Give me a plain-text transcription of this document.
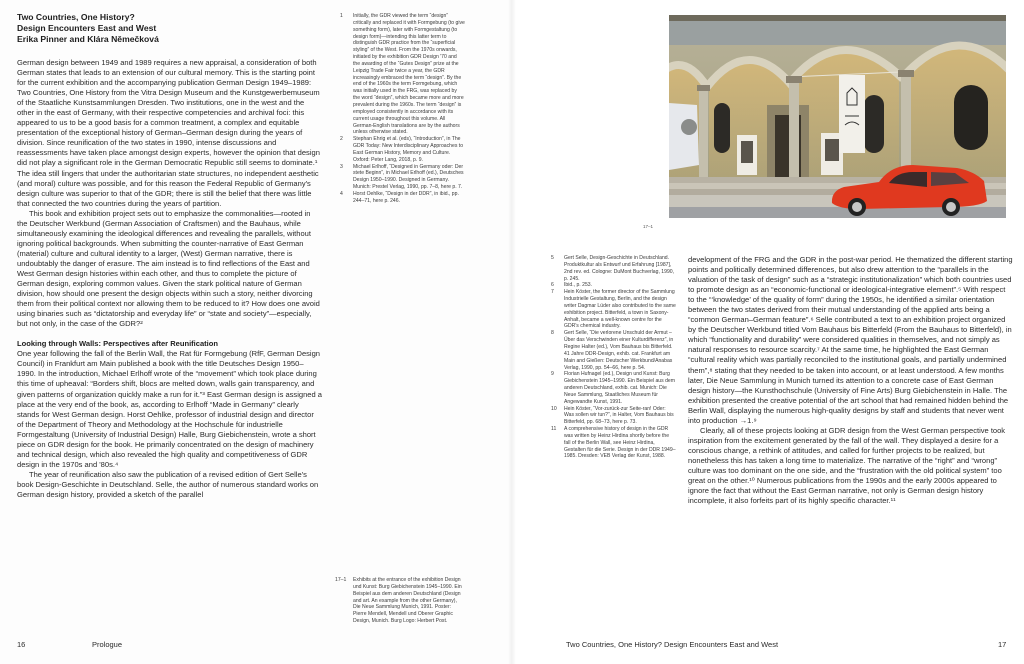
Two Countries, One History?
Design Encounters East and West
Erika Pinner and Klára Němečková

German design between 1949 and 1989 requires a new appraisal, a consideration of both German states that leads to an extension of our cultural memory. This is the starting point for the current exhibition and the accompanying publication German Design 1949–1989: Two Countries, One History from the Vitra Design Museum and the Kunstgewerbemuseum of the Staatliche Kunstsammlungen Dresden. Two institutions, one in the west and the other in the east of Germany, with their respective competencies and archival foci: this appeared to us to be a good basis for a common treatment, a complex and equitable presentation of the exceptional history of German–German design during the years of division. Since reunification of the two states in 1990, intense discussions and reassessments have taken place amongst design experts, however the opinion that design did not play a significant role in the German Democratic Republic still seems to dominate.¹ The idea still lingers that under the authoritarian state structures, no independent aesthetic (and moral) culture was possible, and for this reason the Federal Republic of Germany's design culture was superior to that of the GDR; there is still the belief that there was little that connected the two countries during the years of partition.

This book and exhibition project sets out to emphasize the commonalities—rooted in the Deutscher Werkbund (German Association of Craftsmen) and the Bauhaus, while simultaneously examining the ideological differences and revealing the parallels, without ignoring political backgrounds. When submitting the counter-narrative of East German (material) culture and cultural identity to a larger, (West) German narrative, there is undoubtably the danger of erasure. The aim instead is to find reflections of the East and West German design histories within each other, and thus to complete the picture of German design, exploring common values. Given the stark political nature of German division, how should one present the design objects within such a story, neither divorcing them from their political context nor allowing them to be reduced to it? How does one avoid using binaries such as “dictatorship and everyday life” or “state and society”—especially, but not only, in the case of the GDR?²

Looking through Walls: Perspectives after Reunification

One year following the fall of the Berlin Wall, the Rat für Formgebung (RfF, German Design Council) in Frankfurt am Main published a book with the title Deutsches Design 1950–1990. In the introduction, Michael Erlhoff wrote of the “movement” which took place during this time of upheaval: “Borders shift, blocs are melted down, walls gain transparency, and given patterns of organization quickly make a run for it.”³ East German design is assigned a place at the very end of the book, as, according to Erlhoff “Made in Germany” clearly stands for West German design. Horst Oehlke, professor of industrial design and director of the Department of Theory and Methodology at the Hochschule für industrielle Formgestaltung (University of Industrial Design) Halle, Burg Giebichenstein, wrote a short piece on GDR design for the book. He primarily concentrated on the design of machinery and technical design, which also revealed the high quality and competitiveness of GDR design in the 1970s and '80s.⁴

The year of reunification also saw the publication of a revised edition of Gert Selle's book Design-Geschichte in Deutschland. Selle, the author of numerous standard works on German design history, provided a sketch of the parallel

1	Initially, the GDR viewed the term “design” critically and replaced it with Formgebung (to give something form), later with Formgestaltung (to design form)—intending this latter term to distinguish GDR practice from the “superficial styling” of the West. From the 1970s onwards, initiated by the exhibition GDR Design '70 and the awarding of the “Gutes Design” prize at the Leipzig Trade Fair twice a year, the GDR increasingly embraced the term “design”. By the end of the 1960s the term Formgebung, which was initially used in the FRG, was replaced by the word “design”, which became more and more prevalent during the 1960s. The term “design” is employed consistently in accordance with its current usage throughout this volume. All German-English translations are by the authors unless otherwise stated.
2	Stephan Ehrig et al. (eds), “Introduction”, in The GDR Today: New Interdisciplinary Approaches to East German History, Memory and Culture. Oxford: Peter Lang, 2018, p. 9.
3	Michael Erlhoff, “Designed in Germany oder: Der stete Beginn”, in Michael Erlhoff (ed.), Deutsches Design 1950–1990. Designed in Germany. Munich: Prestel Verlag, 1990, pp. 7–8, here p. 7.
4	Horst Oehlke, “Design in der DDR”, in ibid., pp. 244–71, here p. 246.
17–1	Exhibits at the entrance of the exhibition Design und Kunst: Burg Giebichenstein 1945–1990. Ein Beispiel aus dem anderen Deutschland (Design and art. An example from the other Germany), Die Neue Sammlung Munich, 1991. Poster: Pierre Mendell, Mendell und Oberer Graphic Design, Munich. Burg Logo: Herbert Post.
16	Prologue
17–1
5	Gert Selle, Design-Geschichte in Deutschland. Produktkultur als Entwurf und Erfahrung [1987], 2nd rev. ed. Cologne: DuMont Buchverlag, 1990, p. 245.
6	Ibid., p. 253.
7	Hein Köster, the former director of the Sammlung Industrielle Gestaltung, Berlin, and the design writer Dagmar Lüder also contributed to the same exhibition project. Bitterfeld, a town in Saxony-Anhalt, became a well-known centre for the GDR's chemical industry.
8	Gert Selle, “Die verlorene Unschuld der Armut – Über das Verschwinden einer Kulturdifferenz”, in Regine Halter (ed.), Vom Bauhaus bis Bitterfeld. 41 Jahre DDR-Design, exhib. cat. Frankfurt am Main and Gießen: Deutscher Werkbund/Anabas Verlag, 1990, pp. 54–66, here p. 54.
9	Florian Hufnagel (ed.), Design und Kunst: Burg Giebichenstein 1945–1990. Ein Beispiel aus dem anderen Deutschland, exhib. cat. Munich: Die Neue Sammlung, Staatliches Museum für Angewandte Kunst, 1991.
10	Hein Köster, “Vor-zurück-zur Seite-ran! Oder: Was sollen wir tun?”, in Halter, Vom Bauhaus bis Bitterfeld, pp. 68–73, here p. 73.
11	A comprehensive history of design in the GDR was written by Heinz Hirdina shortly before the fall of the Berlin Wall, see Heinz Hirdina, Gestalten für die Serie. Design in der DDR 1949–1985. Dresden: VEB Verlag der Kunst, 1988.

development of the FRG and the GDR in the post-war period. He thematized the different starting points and politically determined differences, but also drew attention to the “parallels in the valuation of the task of design” such as a “strategic institutionalization” which both countries used to promote design as an “economic-functional or ideological-integrative element”.⁵ With respect to the “‘knowledge’ of the quality of form” during the 1950s, he identified a similar orientation between the two states derived from their mutual understanding of the applied arts being a “common German–German feature”.⁶ Selle contributed a text to an exhibition project organized by the Deutscher Werkbund titled Vom Bauhaus bis Bitterfeld (From the Bauhaus to Bitterfeld), in which “functionality and durability” were considered qualities in themselves, and not simply as natural responses to resource scarcity.⁷ At the same time, he highlighted the East German “cultural reality which was partially reconciled to the institutional goals, and partially undermined them”,⁸ stating that they needed to be taken into account, or at least understood. A few months later, Die Neue Sammlung in Munich turned its attention to a concrete case of East German design history—the Kunsthochschule (University of Fine Arts) Burg Giebichenstein in Halle. The exhibition presented the creative potential of the art school that had remained hidden behind the Berlin Wall, displaying the numerous high-quality designs by staff and students that never went into production →1.⁹

Clearly, all of these projects looking at GDR design from the West German perspective took inspiration from the excitement generated by the fall of the wall. They displayed a desire for a conscious change, a rethink of attitudes, and called for further projects to be realized, but nonetheless this has taken a long time to materialize. The narrative of the “right” and “wrong” culture was too dominant on the one side, and the “frustration with the old political system” too great on the other.¹⁰ Numerous publications from the 1990s and the early 2000s appeared to ignore the fact that without the East German narrative, not only is German design history incomplete, it also forfeits part of its highly specific character.¹¹

Two Countries, One History? Design Encounters East and West	17
